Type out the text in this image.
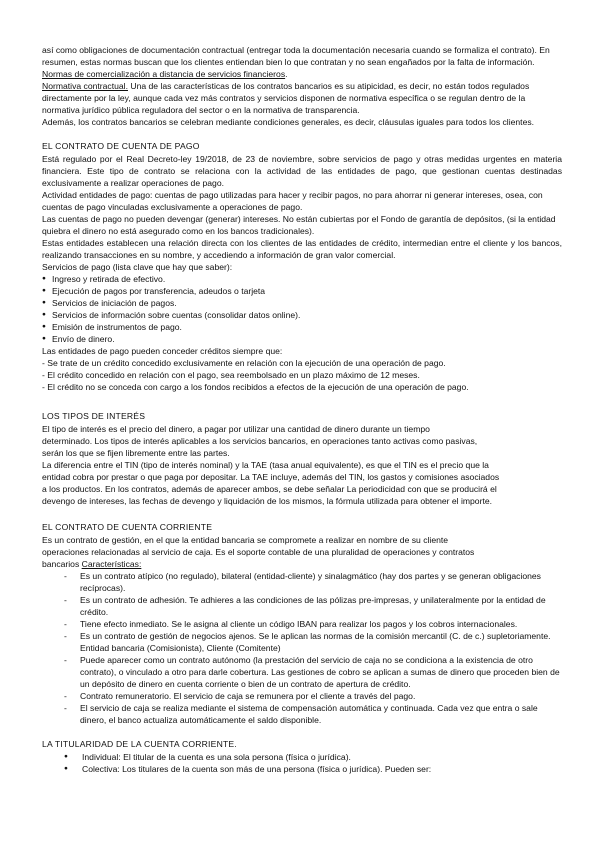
así como obligaciones de documentación contractual (entregar toda la documentación necesaria cuando se formaliza el contrato). En resumen, estas normas buscan que los clientes entiendan bien lo que contratan y no sean engañados por la falta de información.

Normas de comercialización a distancia de servicios financieros.

Normativa contractual. Una de las características de los contratos bancarios es su atipicidad, es decir, no están todos regulados directamente por la ley, aunque cada vez más contratos y servicios disponen de normativa específica o se regulan dentro de la normativa jurídico pública reguladora del sector o en la normativa de transparencia.

Además, los contratos bancarios se celebran mediante condiciones generales, es decir, cláusulas iguales para todos los clientes.

EL CONTRATO DE CUENTA DE PAGO

Está regulado por el Real Decreto-ley 19/2018, de 23 de noviembre, sobre servicios de pago y otras medidas urgentes en materia financiera. Este tipo de contrato se relaciona con la actividad de las entidades de pago, que gestionan cuentas destinadas exclusivamente a realizar operaciones de pago.

Actividad entidades de pago: cuentas de pago utilizadas para hacer y recibir pagos, no para ahorrar ni generar intereses, osea, con cuentas de pago vinculadas exclusivamente a operaciones de pago.

Las cuentas de pago no pueden devengar (generar) intereses. No están cubiertas por el Fondo de garantía de depósitos, (si la entidad quiebra el dinero no está asegurado como en los bancos tradicionales).

Estas entidades establecen una relación directa con los clientes de las entidades de crédito, intermedian entre el cliente y los bancos, realizando transacciones en su nombre, y accediendo a información de gran valor comercial.

Servicios de pago (lista clave que hay que saber):

● Ingreso y retirada de efectivo.
● Ejecución de pagos por transferencia, adeudos o tarjeta
● Servicios de iniciación de pagos.
● Servicios de información sobre cuentas (consolidar datos online).
● Emisión de instrumentos de pago.
● Envío de dinero.

Las entidades de pago pueden conceder créditos siempre que:

- Se trate de un crédito concedido exclusivamente en relación con la ejecución de una operación de pago.

- El crédito concedido en relación con el pago, sea reembolsado en un plazo máximo de 12 meses.

- El crédito no se conceda con cargo a los fondos recibidos a efectos de la ejecución de una operación de pago.

LOS TIPOS DE INTERÉS

El tipo de interés es el precio del dinero, a pagar por utilizar una cantidad de dinero durante un tiempo determinado. Los tipos de interés aplicables a los servicios bancarios, en operaciones tanto activas como pasivas, serán los que se fijen libremente entre las partes.

La diferencia entre el TIN (tipo de interés nominal) y la TAE (tasa anual equivalente), es que el TIN es el precio que la entidad cobra por prestar o que paga por depositar. La TAE incluye, además del TIN, los gastos y comisiones asociados a los productos. En los contratos, además de aparecer ambos, se debe señalar La periodicidad con que se producirá el devengo de intereses, las fechas de devengo y liquidación de los mismos, la fórmula utilizada para obtener el importe.

EL CONTRATO DE CUENTA CORRIENTE

Es un contrato de gestión, en el que la entidad bancaria se compromete a realizar en nombre de su cliente operaciones relacionadas al servicio de caja. Es el soporte contable de una pluralidad de operaciones y contratos bancarios Características:

- Es un contrato atípico (no regulado), bilateral (entidad-cliente) y sinalagmático (hay dos partes y se generan obligaciones recíprocas).
- Es un contrato de adhesión. Te adhieres a las condiciones de las pólizas pre-impresas, y unilateralmente por la entidad de crédito.
- Tiene efecto inmediato. Se le asigna al cliente un código IBAN para realizar los pagos y los cobros internacionales.
- Es un contrato de gestión de negocios ajenos. Se le aplican las normas de la comisión mercantil (C. de c.) supletoriamente. Entidad bancaria (Comisionista), Cliente (Comitente)
- Puede aparecer como un contrato autónomo (la prestación del servicio de caja no se condiciona a la existencia de otro contrato), o vinculado a otro para darle cobertura. Las gestiones de cobro se aplican a sumas de dinero que proceden bien de un depósito de dinero en cuenta corriente o bien de un contrato de apertura de crédito.
- Contrato remuneratorio. El servicio de caja se remunera por el cliente a través del pago.
- El servicio de caja se realiza mediante el sistema de compensación automática y continuada. Cada vez que entra o sale dinero, el banco actualiza automáticamente el saldo disponible.

LA TITULARIDAD DE LA CUENTA CORRIENTE.

● Individual: El titular de la cuenta es una sola persona (física o jurídica).
● Colectiva: Los titulares de la cuenta son más de una persona (física o jurídica). Pueden ser:
